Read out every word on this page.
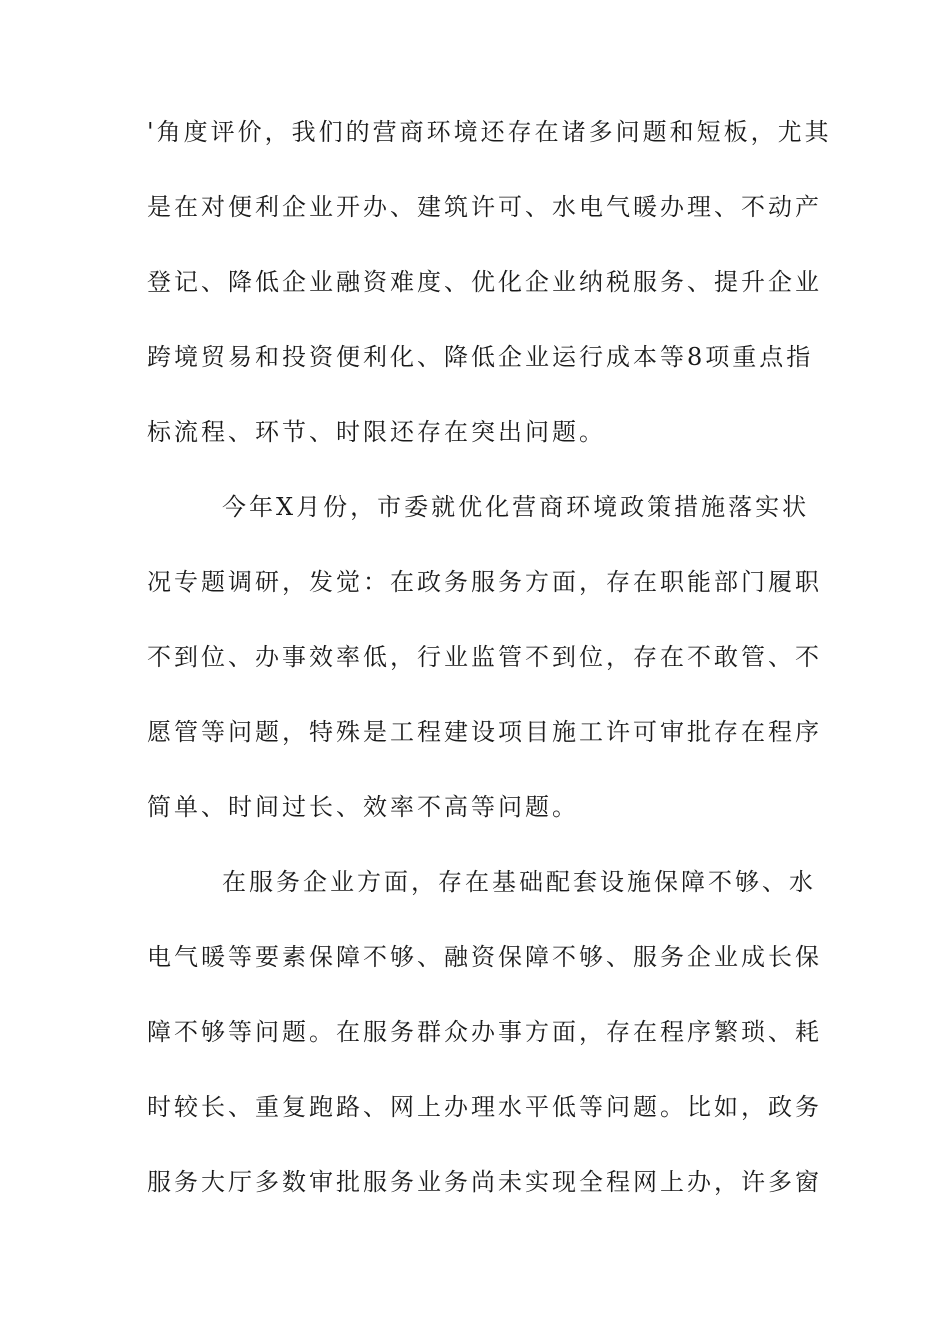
'角度评价，我们的营商环境还存在诸多问题和短板，尤其
是在对便利企业开办、建筑许可、水电气暖办理、不动产
登记、降低企业融资难度、优化企业纳税服务、提升企业
跨境贸易和投资便利化、降低企业运行成本等8项重点指
标流程、环节、时限还存在突出问题。
今年X月份，市委就优化营商环境政策措施落实状
况专题调研，发觉：在政务服务方面，存在职能部门履职
不到位、办事效率低，行业监管不到位，存在不敢管、不
愿管等问题，特殊是工程建设项目施工许可审批存在程序
简单、时间过长、效率不高等问题。
在服务企业方面，存在基础配套设施保障不够、水
电气暖等要素保障不够、融资保障不够、服务企业成长保
障不够等问题。在服务群众办事方面，存在程序繁琐、耗
时较长、重复跑路、网上办理水平低等问题。比如，政务
服务大厅多数审批服务业务尚未实现全程网上办，许多窗
